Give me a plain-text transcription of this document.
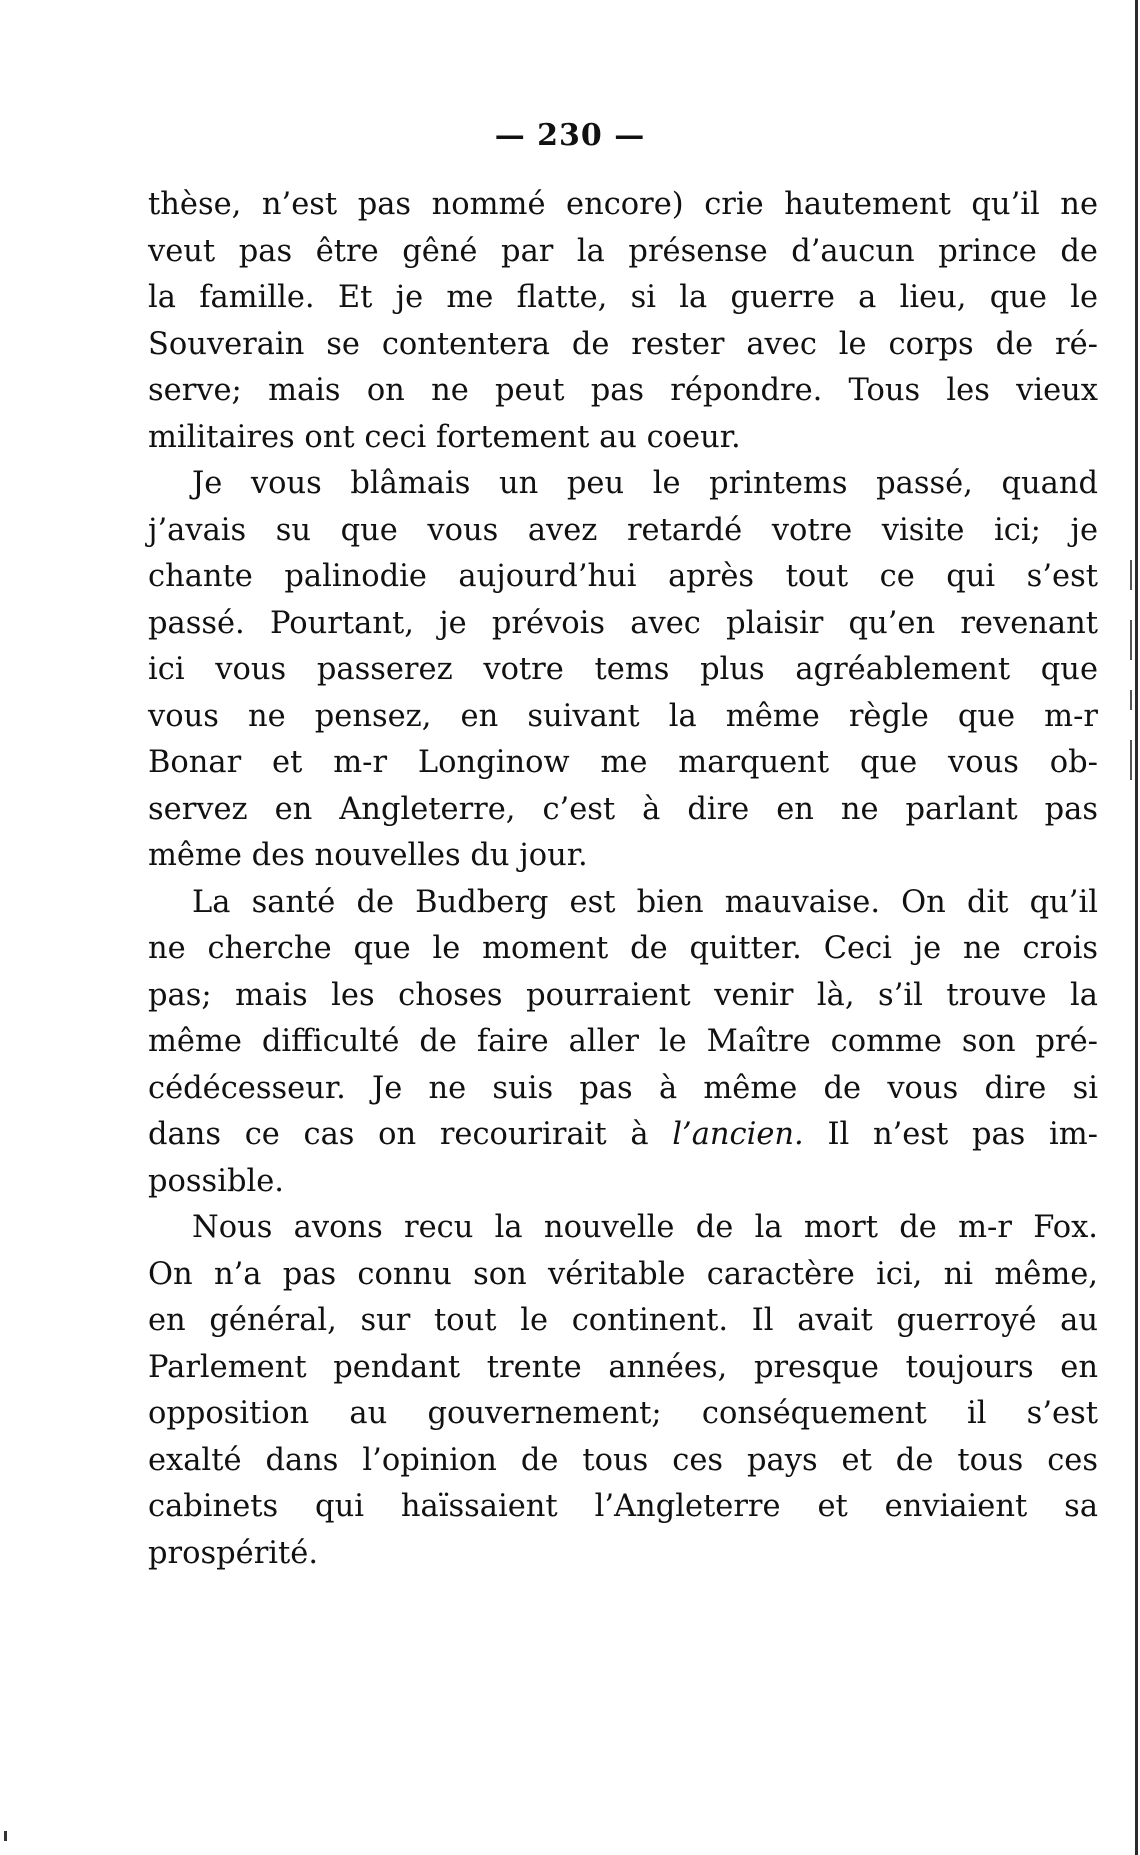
— 230 —
thèse, n’est pas nommé encore) crie hautement qu’il ne
veut pas être gêné par la présense d’aucun prince de
la famille. Et je me flatte, si la guerre a lieu, que le
Souverain se contentera de rester avec le corps de ré-
serve; mais on ne peut pas répondre. Tous les vieux
militaires ont ceci fortement au coeur.
Je vous blâmais un peu le printems passé, quand
j’avais su que vous avez retardé votre visite ici; je
chante palinodie aujourd’hui après tout ce qui s’est
passé. Pourtant, je prévois avec plaisir qu’en revenant
ici vous passerez votre tems plus agréablement que
vous ne pensez, en suivant la même règle que m-r
Bonar et m-r Longinow me marquent que vous ob-
servez en Angleterre, c’est à dire en ne parlant pas
même des nouvelles du jour.
La santé de Budberg est bien mauvaise. On dit qu’il
ne cherche que le moment de quitter. Ceci je ne crois
pas; mais les choses pourraient venir là, s’il trouve la
même difficulté de faire aller le Maître comme son pré-
cédécesseur. Je ne suis pas à même de vous dire si
dans ce cas on recourirait à l’ancien. Il n’est pas im-
possible.
Nous avons recu la nouvelle de la mort de m-r Fox.
On n’a pas connu son véritable caractère ici, ni même,
en général, sur tout le continent. Il avait guerroyé au
Parlement pendant trente années, presque toujours en
opposition au gouvernement; conséquement il s’est
exalté dans l’opinion de tous ces pays et de tous ces
cabinets qui haïssaient l’Angleterre et enviaient sa
prospérité.
